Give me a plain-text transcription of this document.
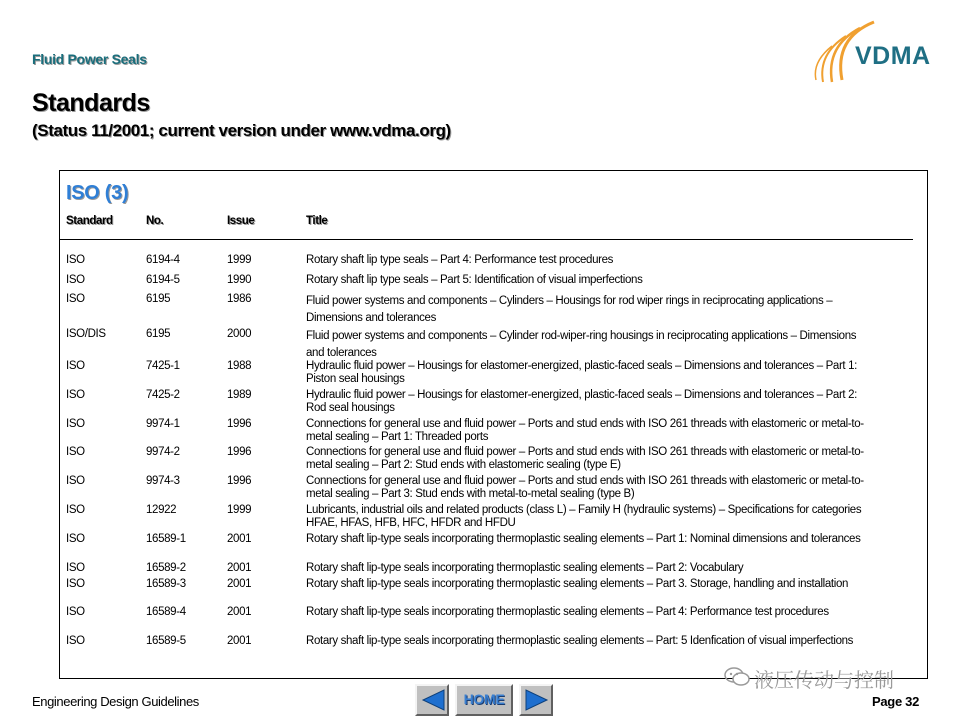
Fluid Power Seals
Standards
(Status 11/2001; current version under www.vdma.org)
VDMA
ISO (3)
Standard	No.	Issue	Title
ISO	6194-4	1999	Rotary shaft lip type seals – Part 4: Performance test procedures
ISO	6194-5	1990	Rotary shaft lip type seals – Part 5: Identification of visual imperfections
ISO	6195	1986	Fluid power systems and components – Cylinders – Housings for rod wiper rings in reciprocating applications – Dimensions and tolerances
ISO/DIS	6195	2000	Fluid power systems and components – Cylinder rod-wiper-ring housings in reciprocating applications – Dimensions and tolerances
ISO	7425-1	1988	Hydraulic fluid power – Housings for elastomer-energized, plastic-faced seals – Dimensions and tolerances – Part 1: Piston seal housings
ISO	7425-2	1989	Hydraulic fluid power – Housings for elastomer-energized, plastic-faced seals – Dimensions and tolerances – Part 2: Rod seal housings
ISO	9974-1	1996	Connections for general use and fluid power – Ports and stud ends with ISO 261 threads with elastomeric or metal-to-metal sealing – Part 1: Threaded ports
ISO	9974-2	1996	Connections for general use and fluid power – Ports and stud ends with ISO 261 threads with elastomeric or metal-to-metal sealing – Part 2: Stud ends with elastomeric sealing (type E)
ISO	9974-3	1996	Connections for general use and fluid power – Ports and stud ends with ISO 261 threads with elastomeric or metal-to-metal sealing – Part 3: Stud ends with metal-to-metal sealing (type B)
ISO	12922	1999	Lubricants, industrial oils and related products (class L) – Family H (hydraulic systems) – Specifications for categories HFAE, HFAS, HFB, HFC, HFDR and HFDU
ISO	16589-1	2001	Rotary shaft lip-type seals incorporating thermoplastic sealing elements – Part 1: Nominal dimensions and tolerances
ISO	16589-2	2001	Rotary shaft lip-type seals incorporating thermoplastic sealing elements – Part 2: Vocabulary
ISO	16589-3	2001	Rotary shaft lip-type seals incorporating thermoplastic sealing elements – Part 3. Storage, handling and installation
ISO	16589-4	2001	Rotary shaft lip-type seals incorporating thermoplastic sealing elements – Part 4: Performance test procedures
ISO	16589-5	2001	Rotary shaft lip-type seals incorporating thermoplastic sealing elements – Part: 5 Idenfication of visual imperfections
液压传动与控制
Engineering Design Guidelines	HOME	Page 32
